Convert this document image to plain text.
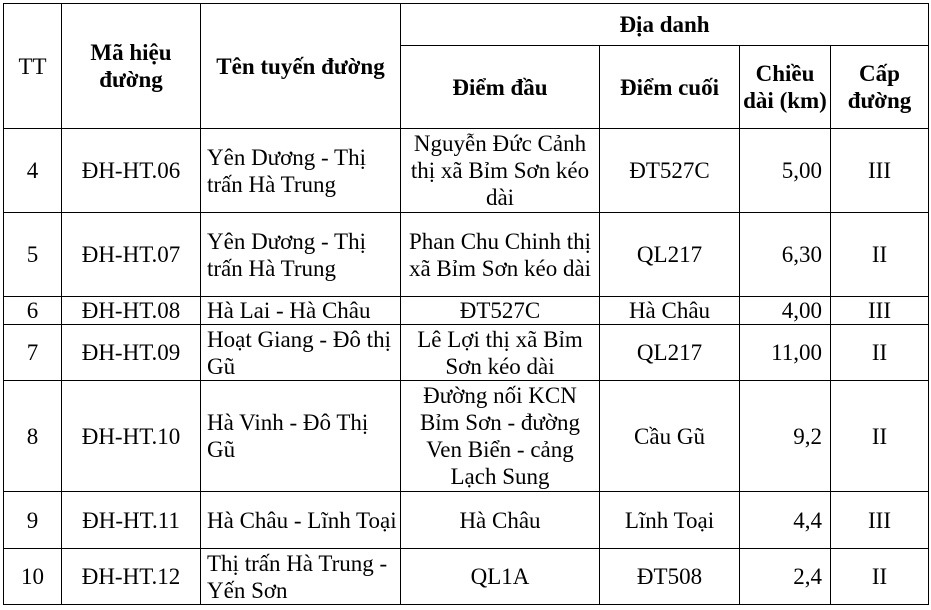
TT	Mã hiệu đường	Tên tuyến đường	Địa danh			
			Điểm đầu	Điểm cuối	Chiều dài (km)	Cấp đường
4	ĐH-HT.06	Yên Dương - Thị trấn Hà Trung	Nguyễn Đức Cảnh thị xã Bỉm Sơn kéo dài	ĐT527C	5,00	III
5	ĐH-HT.07	Yên Dương - Thị trấn Hà Trung	Phan Chu Chinh thị xã Bỉm Sơn kéo dài	QL217	6,30	II
6	ĐH-HT.08	Hà Lai - Hà Châu	ĐT527C	Hà Châu	4,00	III
7	ĐH-HT.09	Hoạt Giang - Đô thị Gũ	Lê Lợi thị xã Bỉm Sơn kéo dài	QL217	11,00	II
8	ĐH-HT.10	Hà Vinh - Đô Thị Gũ	Đường nối KCN Bỉm Sơn - đường Ven Biển - cảng Lạch Sung	Cầu Gũ	9,2	II
9	ĐH-HT.11	Hà Châu - Lĩnh Toại	Hà Châu	Lĩnh Toại	4,4	III
10	ĐH-HT.12	Thị trấn Hà Trung - Yến Sơn	QL1A	ĐT508	2,4	II
